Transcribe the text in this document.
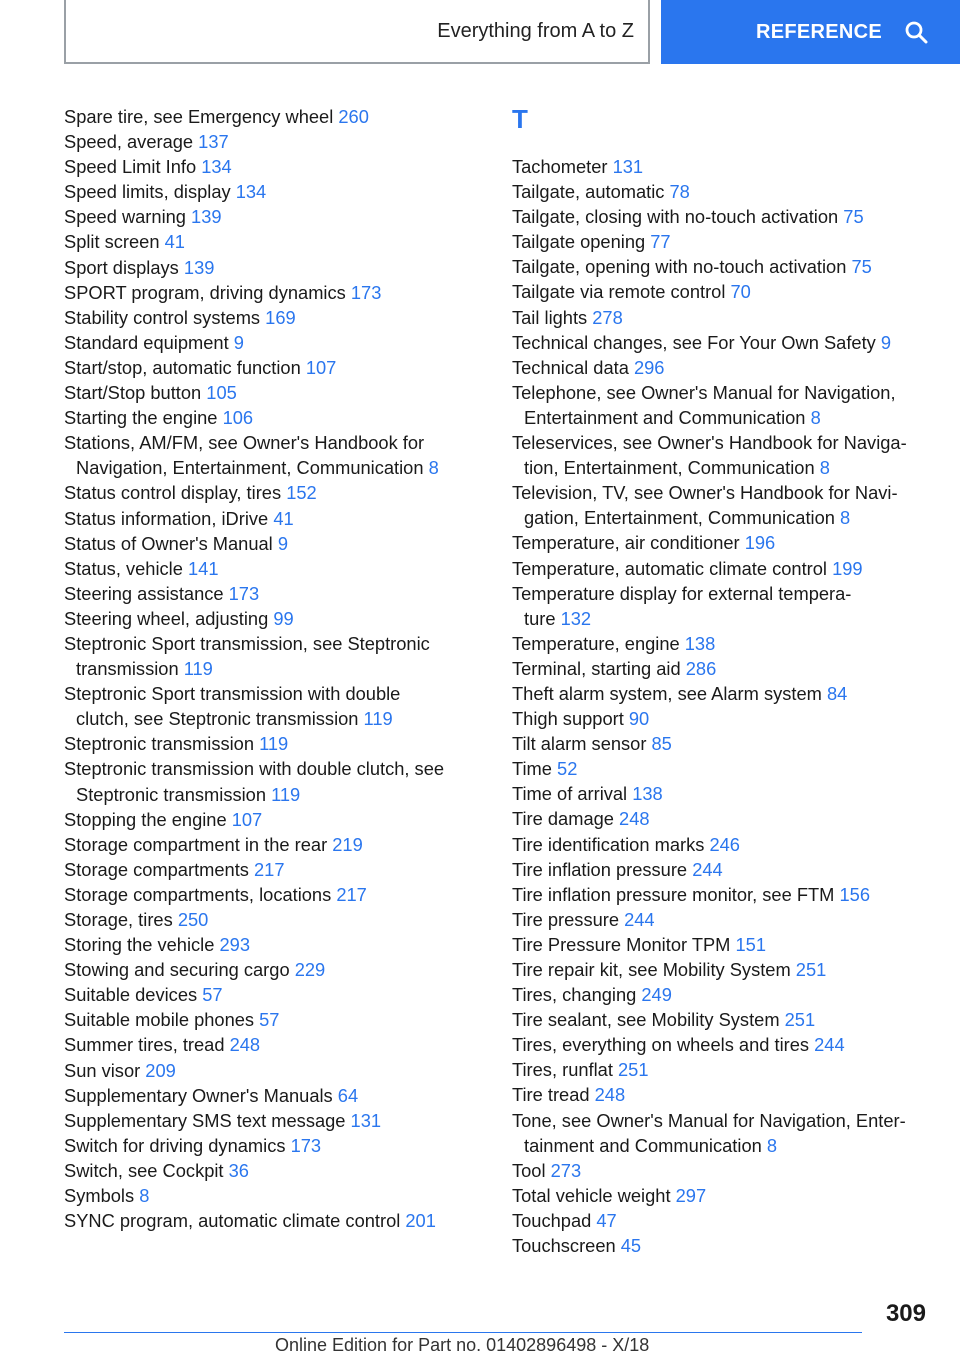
Everything from A to Z	REFERENCE
Spare tire, see Emergency wheel 260
Speed, average 137
Speed Limit Info 134
Speed limits, display 134
Speed warning 139
Split screen 41
Sport displays 139
SPORT program, driving dynamics 173
Stability control systems 169
Standard equipment 9
Start/stop, automatic function 107
Start/Stop button 105
Starting the engine 106
Stations, AM/FM, see Owner's Handbook for
Navigation, Entertainment, Communication 8
Status control display, tires 152
Status information, iDrive 41
Status of Owner's Manual 9
Status, vehicle 141
Steering assistance 173
Steering wheel, adjusting 99
Steptronic Sport transmission, see Steptronic
transmission 119
Steptronic Sport transmission with double
clutch, see Steptronic transmission 119
Steptronic transmission 119
Steptronic transmission with double clutch, see
Steptronic transmission 119
Stopping the engine 107
Storage compartment in the rear 219
Storage compartments 217
Storage compartments, locations 217
Storage, tires 250
Storing the vehicle 293
Stowing and securing cargo 229
Suitable devices 57
Suitable mobile phones 57
Summer tires, tread 248
Sun visor 209
Supplementary Owner's Manuals 64
Supplementary SMS text message 131
Switch for driving dynamics 173
Switch, see Cockpit 36
Symbols 8
SYNC program, automatic climate control 201
T
Tachometer 131
Tailgate, automatic 78
Tailgate, closing with no-touch activation 75
Tailgate opening 77
Tailgate, opening with no-touch activation 75
Tailgate via remote control 70
Tail lights 278
Technical changes, see For Your Own Safety 9
Technical data 296
Telephone, see Owner's Manual for Navigation,
Entertainment and Communication 8
Teleservices, see Owner's Handbook for Naviga‐
tion, Entertainment, Communication 8
Television, TV, see Owner's Handbook for Navi‐
gation, Entertainment, Communication 8
Temperature, air conditioner 196
Temperature, automatic climate control 199
Temperature display for external tempera‐
ture 132
Temperature, engine 138
Terminal, starting aid 286
Theft alarm system, see Alarm system 84
Thigh support 90
Tilt alarm sensor 85
Time 52
Time of arrival 138
Tire damage 248
Tire identification marks 246
Tire inflation pressure 244
Tire inflation pressure monitor, see FTM 156
Tire pressure 244
Tire Pressure Monitor TPM 151
Tire repair kit, see Mobility System 251
Tires, changing 249
Tire sealant, see Mobility System 251
Tires, everything on wheels and tires 244
Tires, runflat 251
Tire tread 248
Tone, see Owner's Manual for Navigation, Enter‐
tainment and Communication 8
Tool 273
Total vehicle weight 297
Touchpad 47
Touchscreen 45
309
Online Edition for Part no. 01402896498 - X/18
